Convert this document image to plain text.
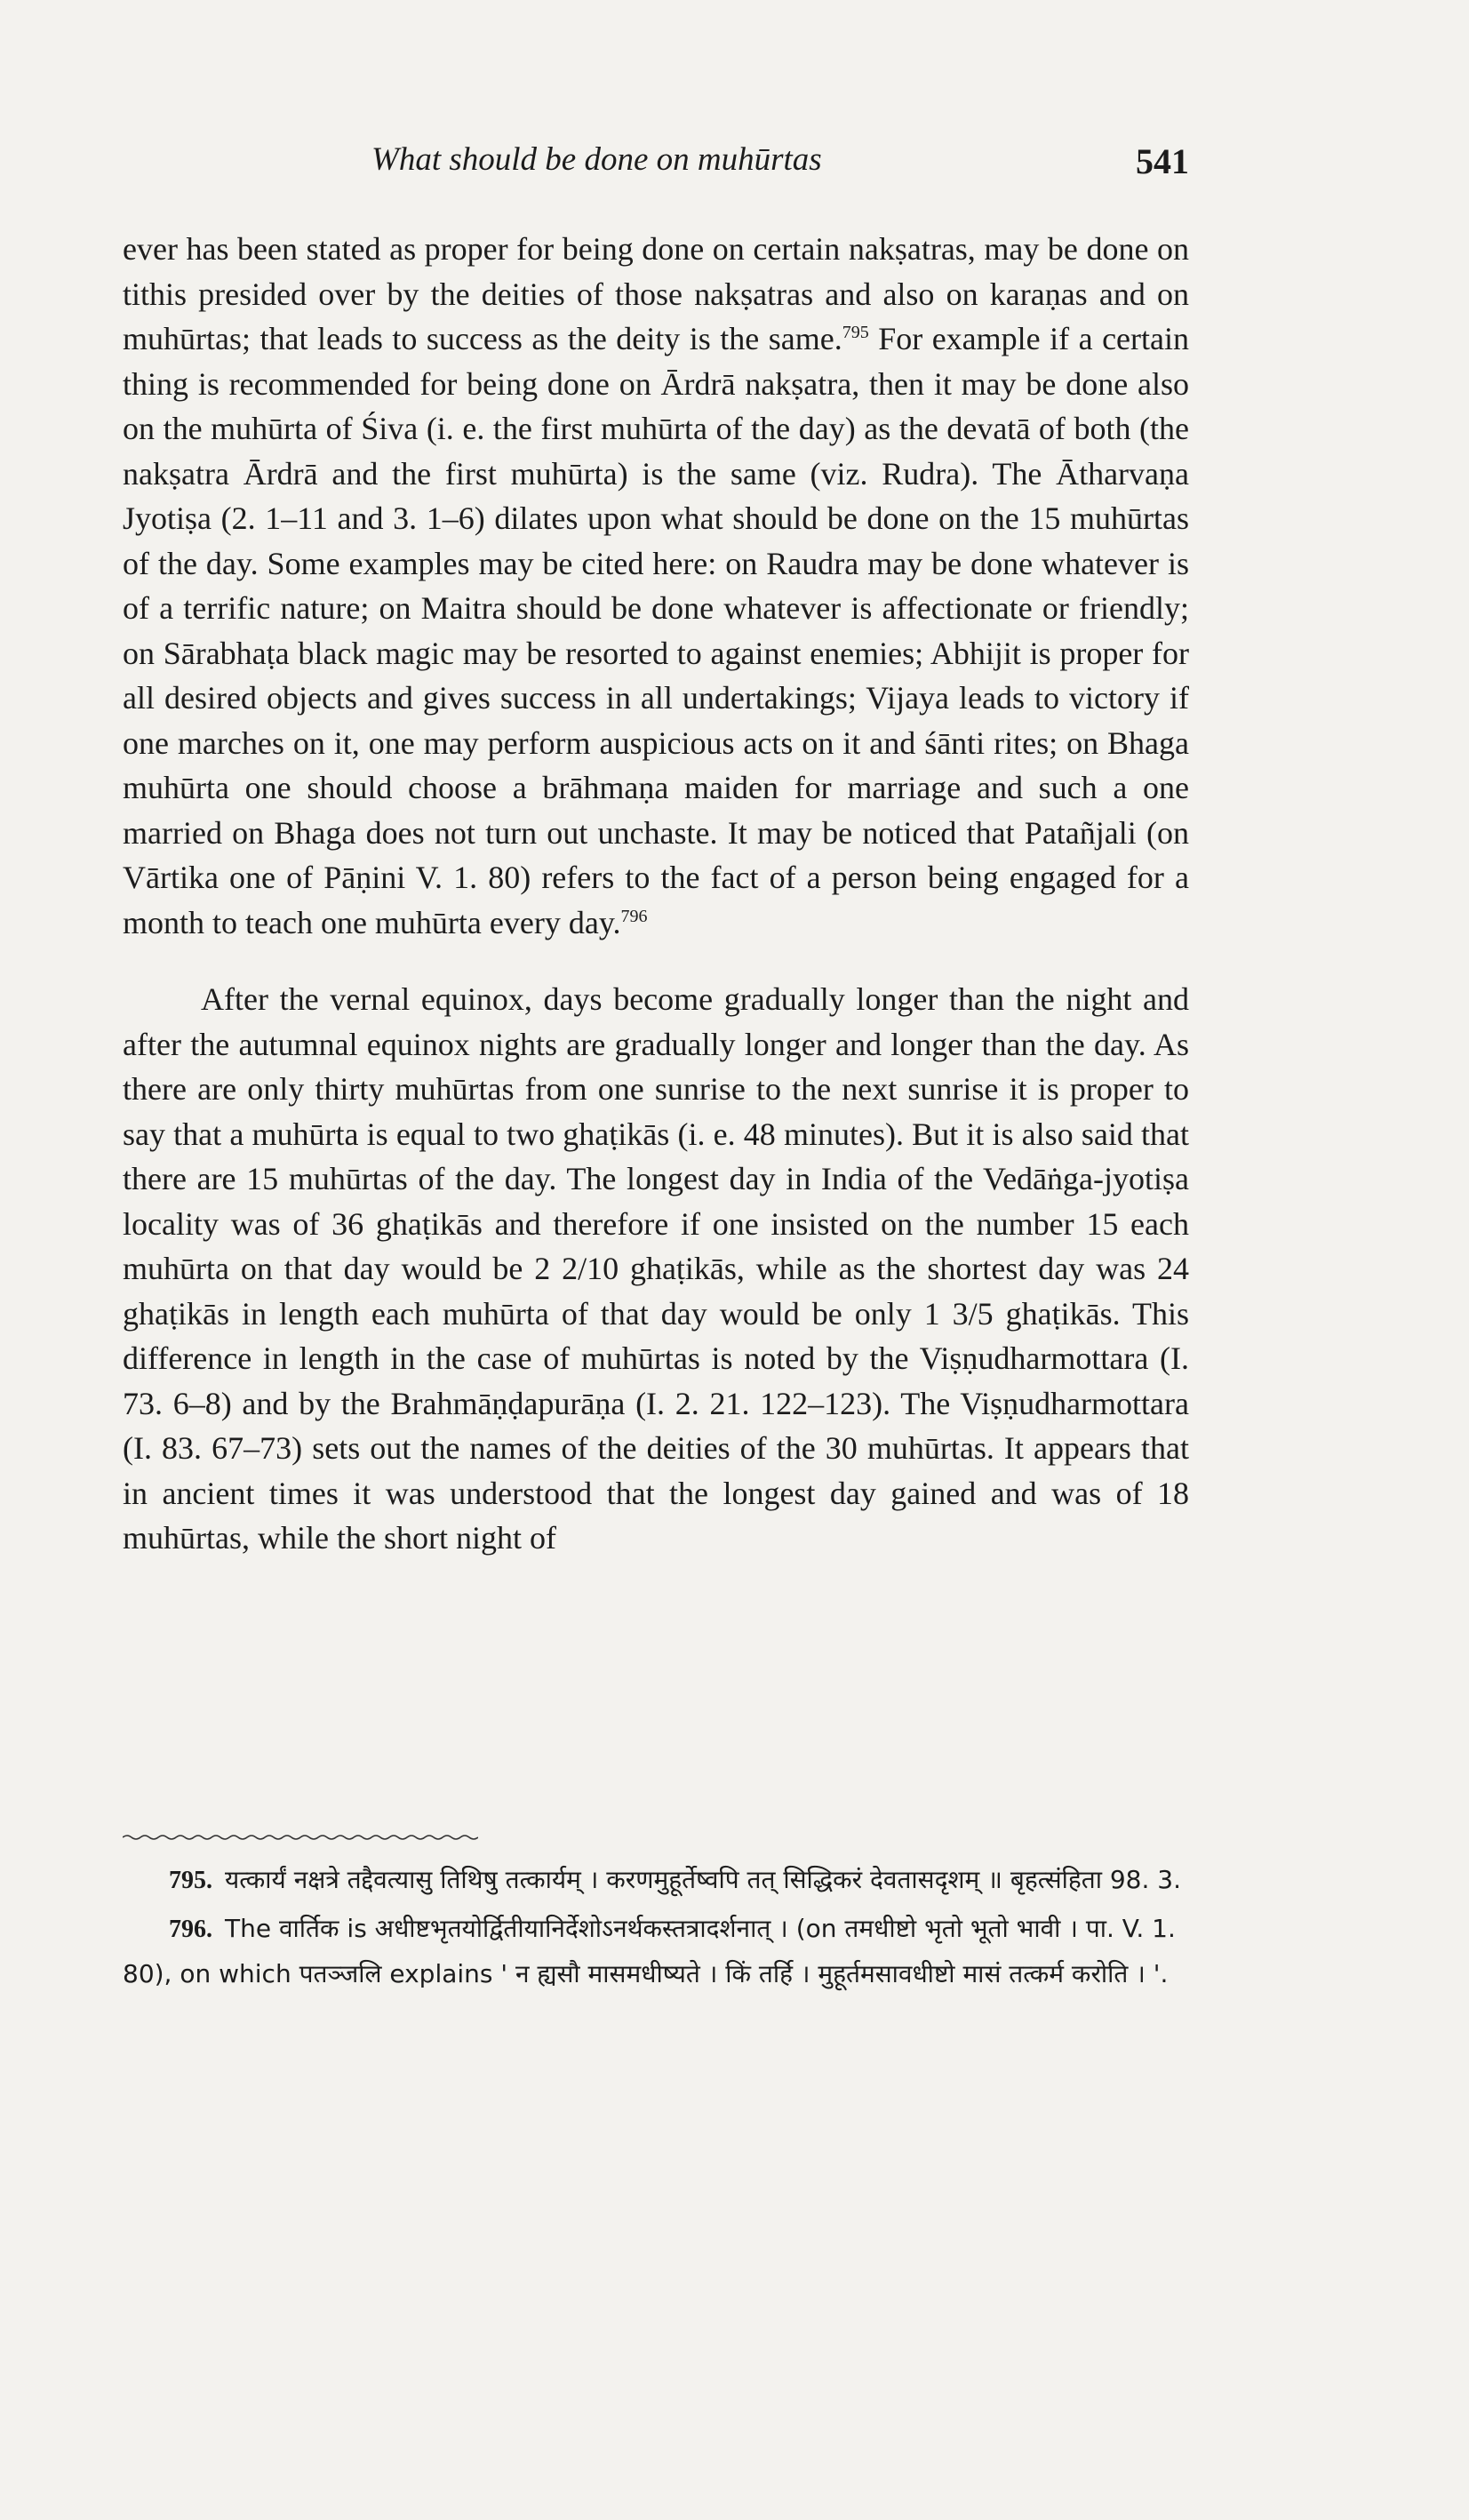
What should be done on muhūrtas	541

ever has been stated as proper for being done on certain nakṣatras, may be done on tithis presided over by the deities of those nakṣatras and also on karaṇas and on muhūrtas; that leads to success as the deity is the same.$^{795}$ For example if a certain thing is recommended for being done on Ārdrā nakṣatra, then it may be done also on the muhūrta of Śiva (i. e. the first muhūrta of the day) as the devatā of both (the nakṣatra Ārdrā and the first muhūrta) is the same (viz. Rudra). The Ātharvaṇa Jyotiṣa (2. 1–11 and 3. 1–6) dilates upon what should be done on the 15 muhūrtas of the day. Some examples may be cited here: on Raudra may be done whatever is of a terrific nature; on Maitra should be done whatever is affectionate or friendly; on Sārabhaṭa black magic may be resorted to against enemies; Abhijit is proper for all desired objects and gives success in all undertakings; Vijaya leads to victory if one marches on it, one may perform auspicious acts on it and śānti rites; on Bhaga muhūrta one should choose a brāhmaṇa maiden for marriage and such a one married on Bhaga does not turn out unchaste. It may be noticed that Patañjali (on Vārtika one of Pāṇini V. 1. 80) refers to the fact of a person being engaged for a month to teach one muhūrta every day.$^{796}$

After the vernal equinox, days become gradually longer than the night and after the autumnal equinox nights are gradually longer and longer than the day. As there are only thirty muhūrtas from one sunrise to the next sunrise it is proper to say that a muhūrta is equal to two ghaṭikās (i. e. 48 minutes). But it is also said that there are 15 muhūrtas of the day. The longest day in India of the Vedāṅga-jyotiṣa locality was of 36 ghaṭikās and therefore if one insisted on the number 15 each muhūrta on that day would be 2 2/10 ghaṭikās, while as the shortest day was 24 ghaṭikās in length each muhūrta of that day would be only 1 3/5 ghaṭikās. This difference in length in the case of muhūrtas is noted by the Viṣṇudharmottara (I. 73. 6–8) and by the Brahmāṇḍapurāṇa (I. 2. 21. 122–123). The Viṣṇudharmottara (I. 83. 67–73) sets out the names of the deities of the 30 muhūrtas. It appears that in ancient times it was understood that the longest day gained and was of 18 muhūrtas, while the short night of

795. यत्कार्यं नक्षत्रे तद्दैवत्यासु तिथिषु तत्कार्यम् । करणमुहूर्तेष्वपि तत् सिद्धिकरं देवतासदृशम् ॥ बृहत्संहिता 98. 3.

796. The वार्तिक is अधीष्टभृतयोर्द्वितीयानिर्देशोऽनर्थकस्तत्रादर्शनात् । (on तमधीष्टो भृतो भूतो भावी । पा. V. 1. 80), on which पतञ्जलि explains ' न ह्यसौ मासमधीष्यते । किं तर्हि । मुहूर्तमसावधीष्टो मासं तत्कर्म करोति । '.
